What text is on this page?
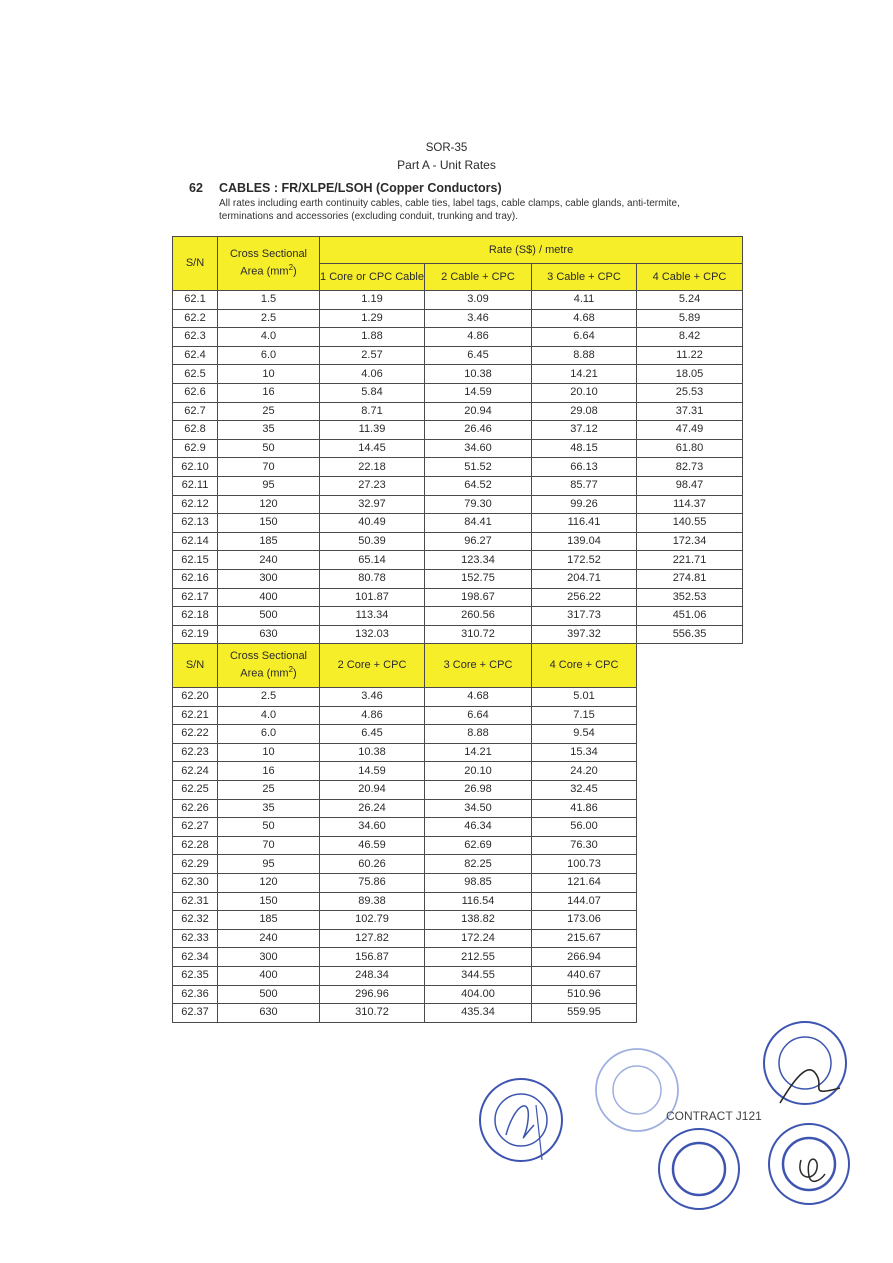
SOR-35
Part A - Unit Rates
62 CABLES : FR/XLPE/LSOH (Copper Conductors)
All rates including earth continuity cables, cable ties, label tags, cable clamps, cable glands, anti-termite, terminations and accessories (excluding conduit, trunking and tray).
S/N	Cross Sectional Area $(mm^2)$	Rate (S$) / metre			
		1 Core or CPC Cable	2 Cable + CPC	3 Cable + CPC	4 Cable + CPC
62.1	1.5	1.19	3.09	4.11	5.24
62.2	2.5	1.29	3.46	4.68	5.89
62.3	4.0	1.88	4.86	6.64	8.42
62.4	6.0	2.57	6.45	8.88	11.22
62.5	10	4.06	10.38	14.21	18.05
62.6	16	5.84	14.59	20.10	25.53
62.7	25	8.71	20.94	29.08	37.31
62.8	35	11.39	26.46	37.12	47.49
62.9	50	14.45	34.60	48.15	61.80
62.10	70	22.18	51.52	66.13	82.73
62.11	95	27.23	64.52	85.77	98.47
62.12	120	32.97	79.30	99.26	114.37
62.13	150	40.49	84.41	116.41	140.55
62.14	185	50.39	96.27	139.04	172.34
62.15	240	65.14	123.34	172.52	221.71
62.16	300	80.78	152.75	204.71	274.81
62.17	400	101.87	198.67	256.22	352.53
62.18	500	113.34	260.56	317.73	451.06
62.19	630	132.03	310.72	397.32	556.35
S/N	Cross Sectional Area $(mm^2)$	2 Core + CPC	3 Core + CPC	4 Core + CPC
62.20	2.5	3.46	4.68	5.01
62.21	4.0	4.86	6.64	7.15
62.22	6.0	6.45	8.88	9.54
62.23	10	10.38	14.21	15.34
62.24	16	14.59	20.10	24.20
62.25	25	20.94	26.98	32.45
62.26	35	26.24	34.50	41.86
62.27	50	34.60	46.34	56.00
62.28	70	46.59	62.69	76.30
62.29	95	60.26	82.25	100.73
62.30	120	75.86	98.85	121.64
62.31	150	89.38	116.54	144.07
62.32	185	102.79	138.82	173.06
62.33	240	127.82	172.24	215.67
62.34	300	156.87	212.55	266.94
62.35	400	248.34	344.55	440.67
62.36	500	296.96	404.00	510.96
62.37	630	310.72	435.34	559.95
CONTRACT J121
